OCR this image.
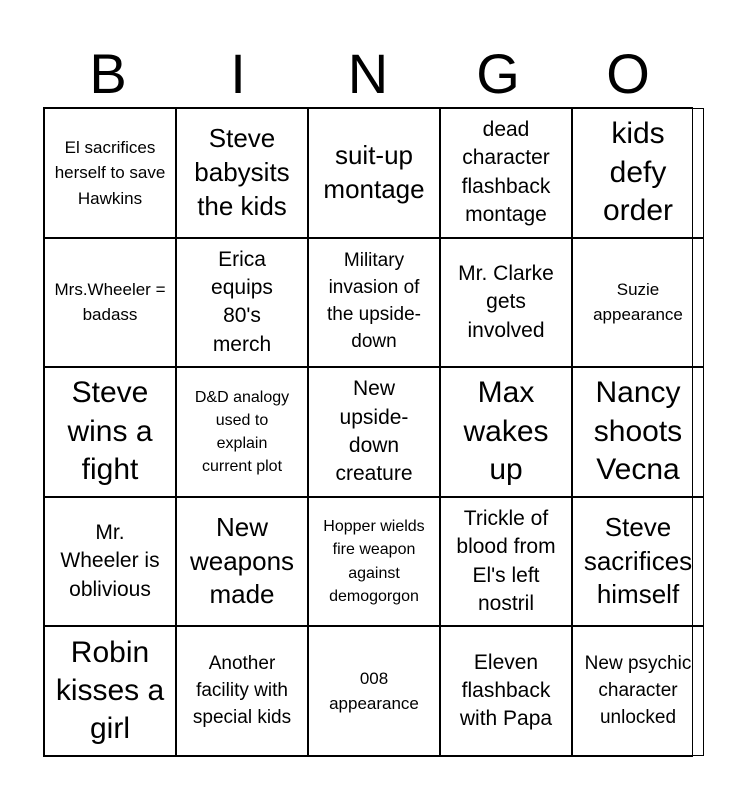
B	I	N	G	O
El sacrifices herself to save Hawkins
Steve babysits the kids
suit-up montage
dead character flashback montage
kids defy order
Mrs.Wheeler = badass
Erica equips 80's merch
Military invasion of the upside-down
Mr. Clarke gets involved
Suzie appearance
Steve wins a fight
D&D analogy used to explain current plot
New upside-down creature
Max wakes up
Nancy shoots Vecna
Mr. Wheeler is oblivious
New weapons made
Hopper wields fire weapon against demogorgon
Trickle of blood from El's left nostril
Steve sacrifices himself
Robin kisses a girl
Another facility with special kids
008 appearance
Eleven flashback with Papa
New psychic character unlocked
